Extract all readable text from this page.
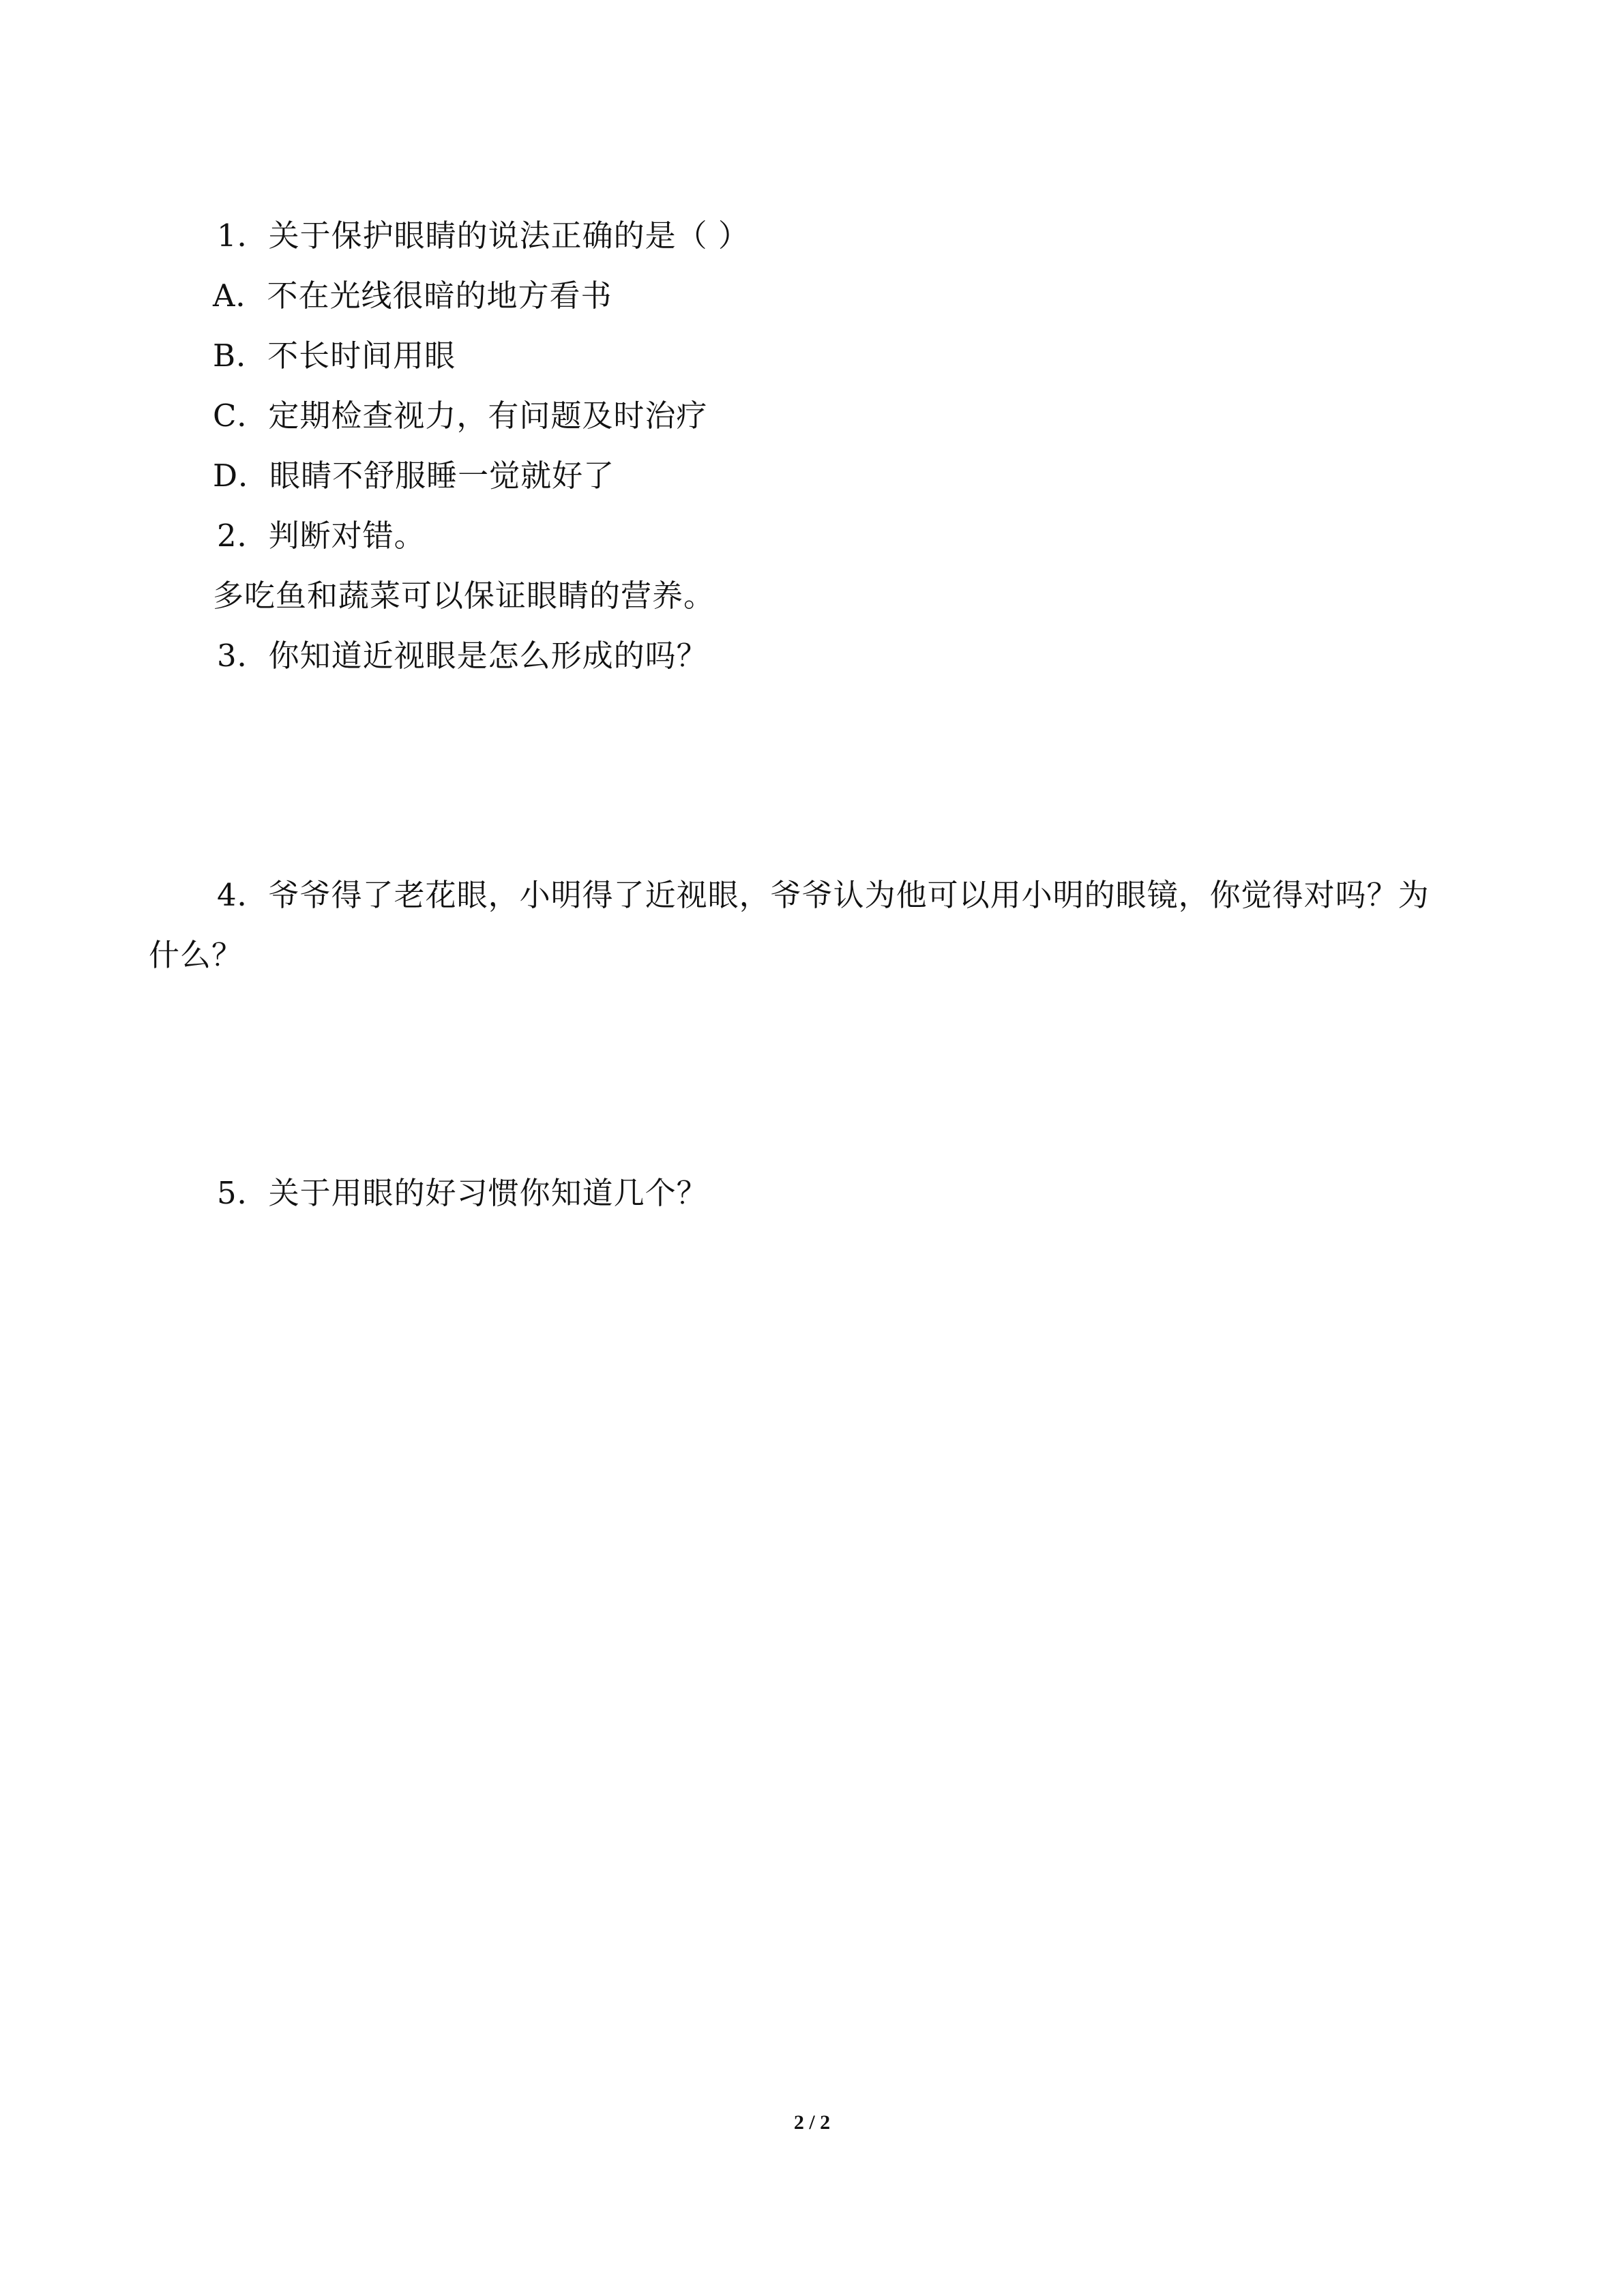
1．关于保护眼睛的说法正确的是（ ）
A．不在光线很暗的地方看书
B．不长时间用眼
C．定期检查视力，有问题及时治疗
D．眼睛不舒服睡一觉就好了
2．判断对错。
多吃鱼和蔬菜可以保证眼睛的营养。
3．你知道近视眼是怎么形成的吗？
4．爷爷得了老花眼，小明得了近视眼，爷爷认为他可以用小明的眼镜，你觉得对吗？为
什么？
5．关于用眼的好习惯你知道几个？
2 / 2
